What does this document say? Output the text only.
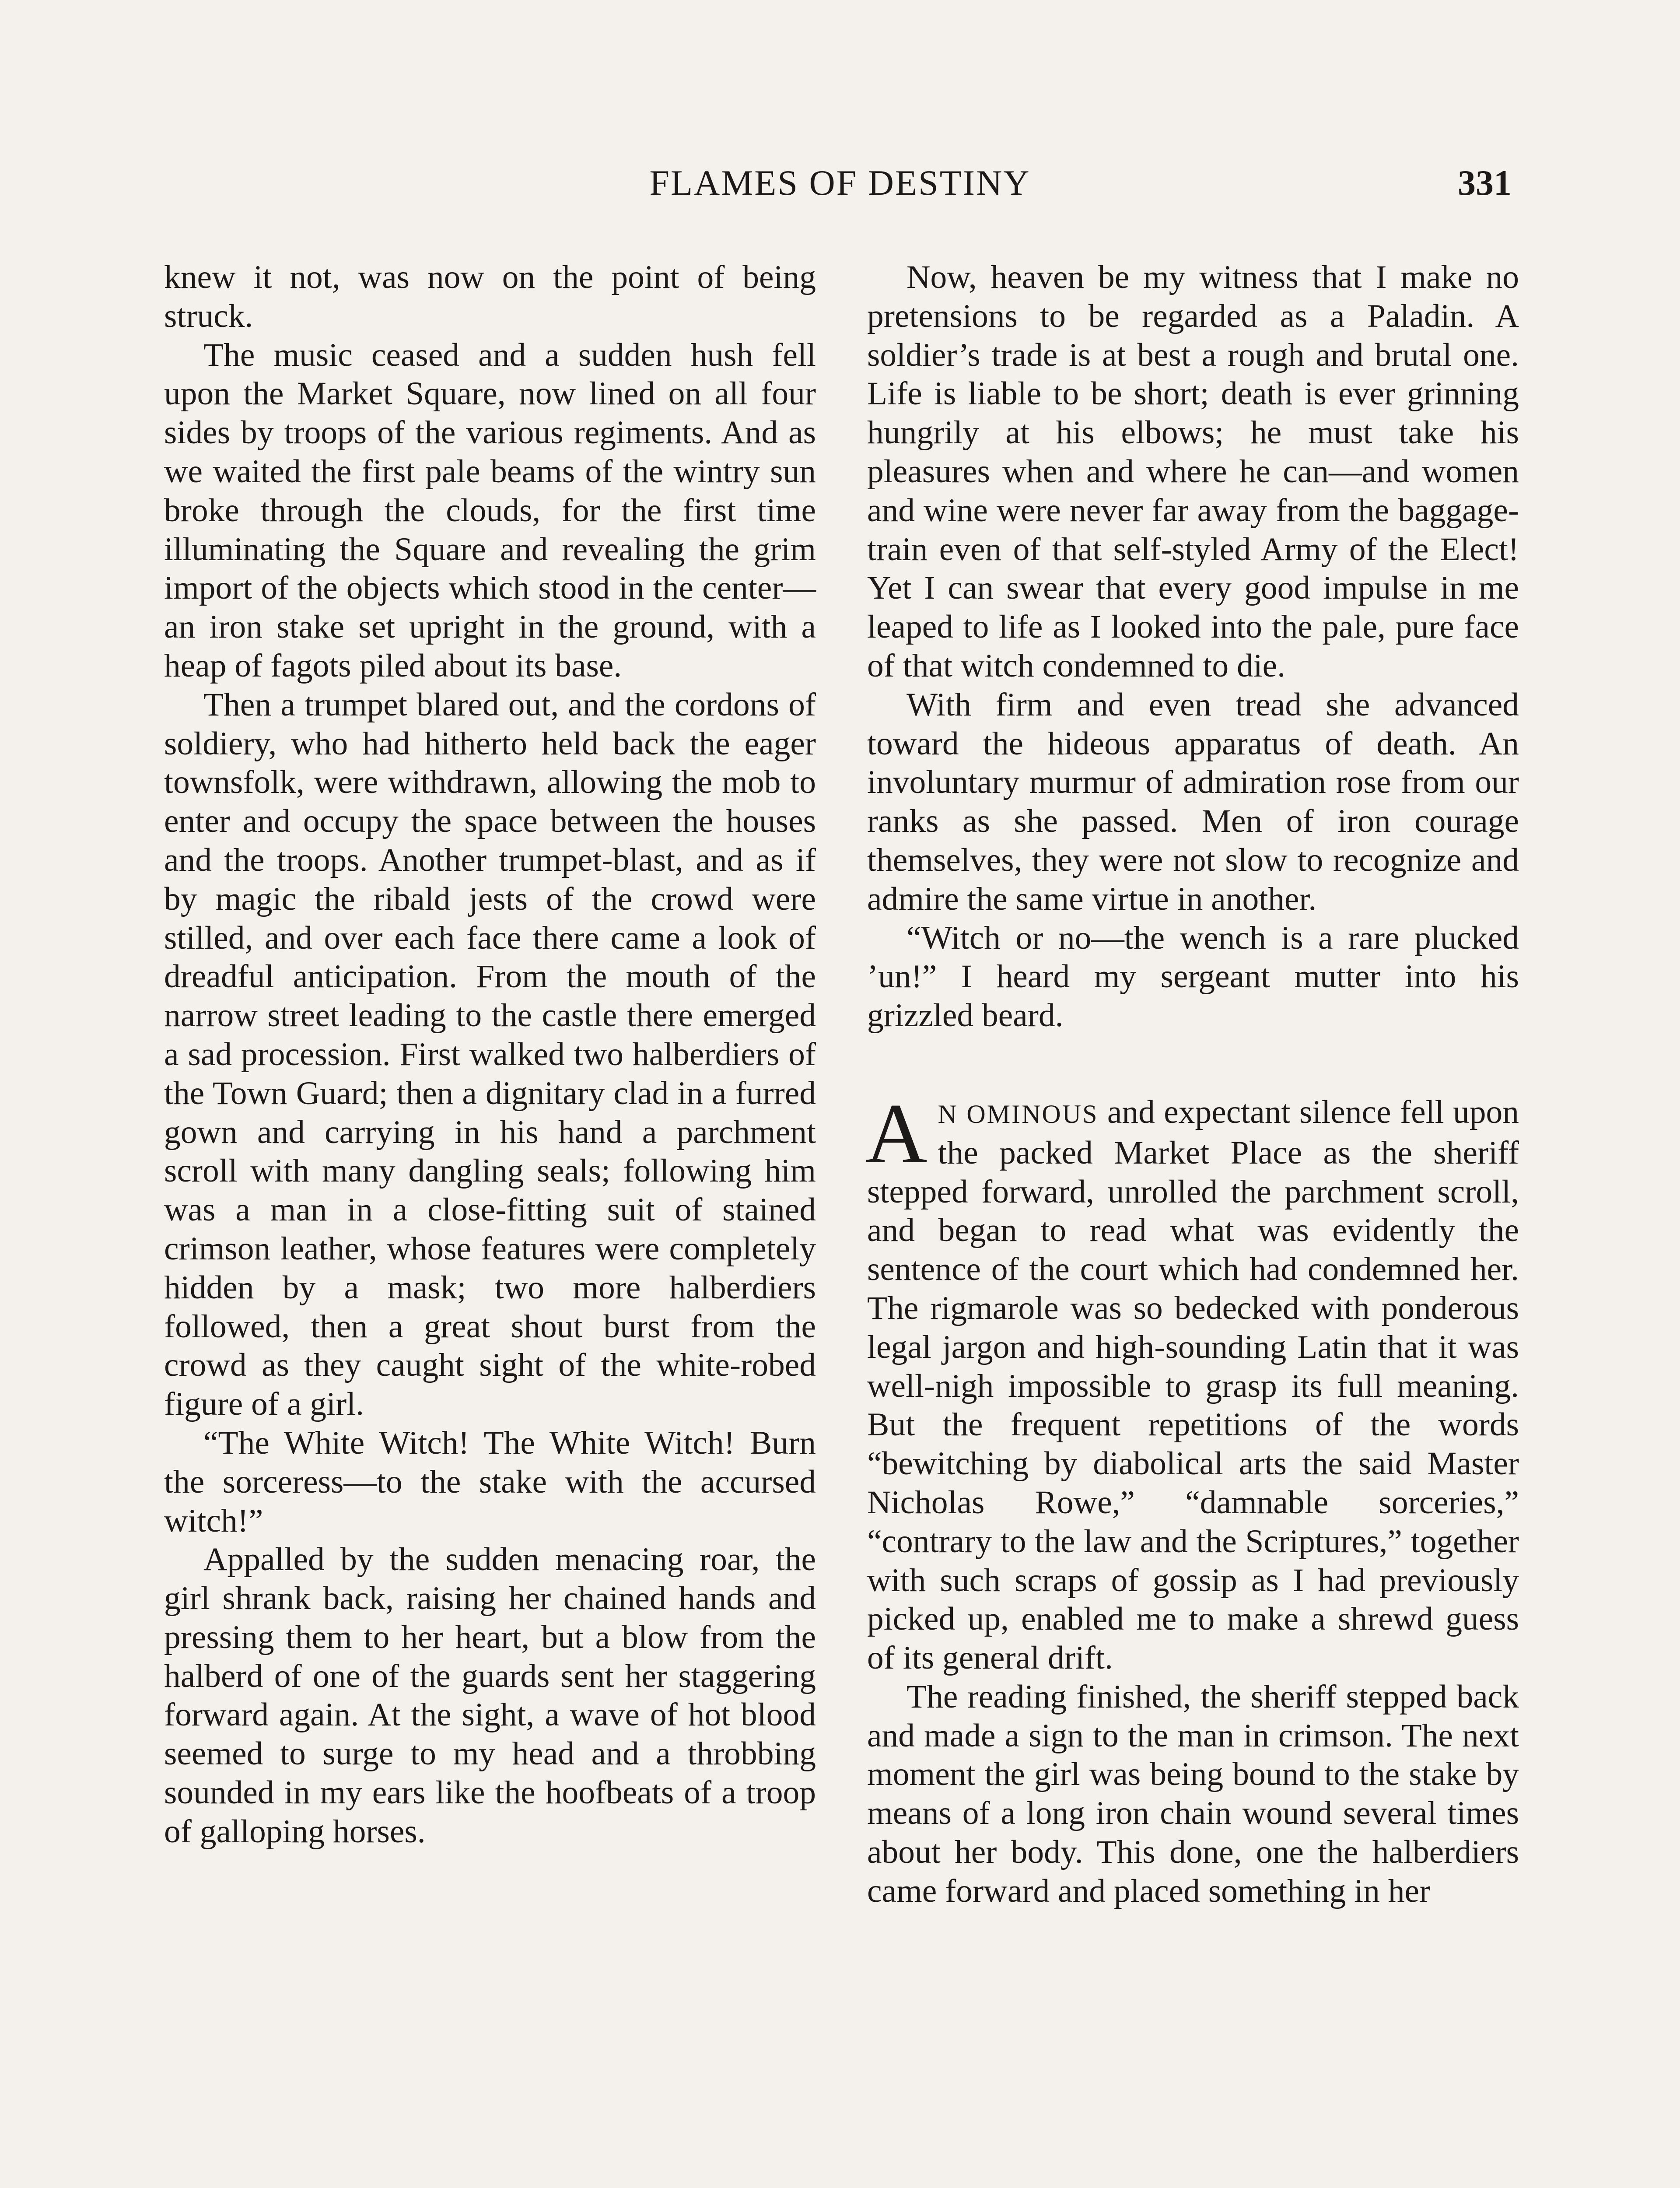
FLAMES OF DESTINY	331

knew it not, was now on the point of being struck.

The music ceased and a sudden hush fell upon the Market Square, now lined on all four sides by troops of the various regiments. And as we waited the first pale beams of the wintry sun broke through the clouds, for the first time illuminating the Square and revealing the grim import of the objects which stood in the center—an iron stake set upright in the ground, with a heap of fagots piled about its base.

Then a trumpet blared out, and the cordons of soldiery, who had hitherto held back the eager townsfolk, were withdrawn, allowing the mob to enter and occupy the space between the houses and the troops. Another trumpet-blast, and as if by magic the ribald jests of the crowd were stilled, and over each face there came a look of dreadful anticipation. From the mouth of the narrow street leading to the castle there emerged a sad procession. First walked two halberdiers of the Town Guard; then a dignitary clad in a furred gown and carrying in his hand a parchment scroll with many dangling seals; following him was a man in a close-fitting suit of stained crimson leather, whose features were completely hidden by a mask; two more halberdiers followed, then a great shout burst from the crowd as they caught sight of the white-robed figure of a girl.

“The White Witch! The White Witch! Burn the sorceress—to the stake with the accursed witch!”

Appalled by the sudden menacing roar, the girl shrank back, raising her chained hands and pressing them to her heart, but a blow from the halberd of one of the guards sent her staggering forward again. At the sight, a wave of hot blood seemed to surge to my head and a throbbing sounded in my ears like the hoofbeats of a troop of galloping horses.

Now, heaven be my witness that I make no pretensions to be regarded as a Paladin. A soldier’s trade is at best a rough and brutal one. Life is liable to be short; death is ever grinning hungrily at his elbows; he must take his pleasures when and where he can—and women and wine were never far away from the baggage-train even of that self-styled Army of the Elect! Yet I can swear that every good impulse in me leaped to life as I looked into the pale, pure face of that witch condemned to die.

With firm and even tread she advanced toward the hideous apparatus of death. An involuntary murmur of admiration rose from our ranks as she passed. Men of iron courage themselves, they were not slow to recognize and admire the same virtue in another.

“Witch or no—the wench is a rare plucked ’un!” I heard my sergeant mutter into his grizzled beard.

A N OMINOUS and expectant silence fell upon the packed Market Place as the sheriff stepped forward, unrolled the parchment scroll, and began to read what was evidently the sentence of the court which had condemned her. The rigmarole was so bedecked with ponderous legal jargon and high-sounding Latin that it was well-nigh impossible to grasp its full meaning. But the frequent repetitions of the words “bewitching by diabolical arts the said Master Nicholas Rowe,” “damnable sorceries,” “contrary to the law and the Scriptures,” together with such scraps of gossip as I had previously picked up, enabled me to make a shrewd guess of its general drift.

The reading finished, the sheriff stepped back and made a sign to the man in crimson. The next moment the girl was being bound to the stake by means of a long iron chain wound several times about her body. This done, one the halberdiers came forward and placed something in her
